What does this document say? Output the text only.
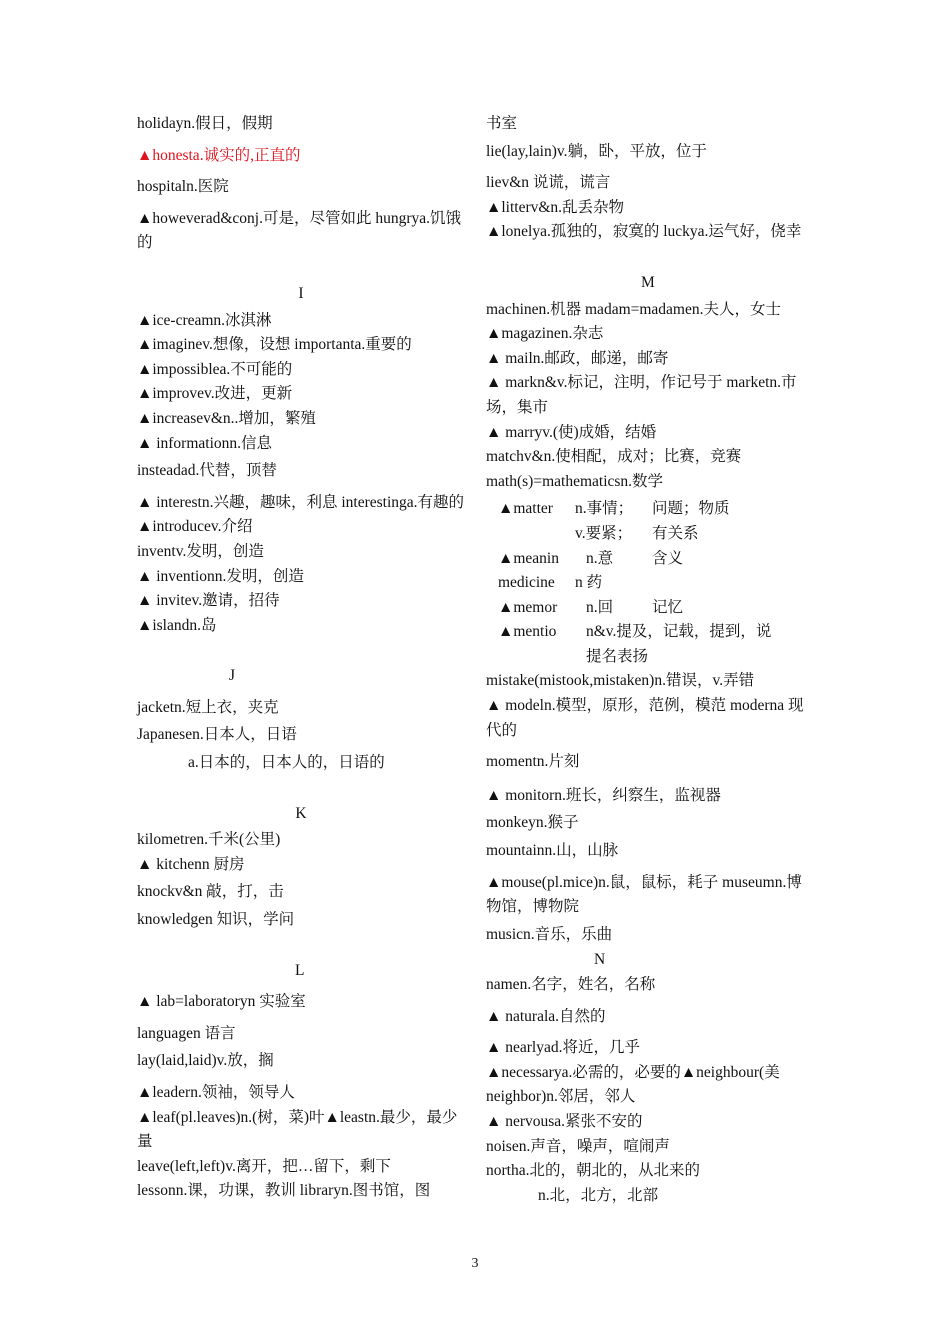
holidayn.假日，假期
▲honesta.诚实的,正直的
hospitaln.医院
▲howeverad&conj.可是，尽管如此 hungrya.饥饿的
I
▲ice-creamn.冰淇淋
▲imaginev.想像，设想 importanta.重要的
▲impossiblea.不可能的
▲improvev.改进，更新
▲increasev&n..增加，繁殖
▲ informationn.信息
insteadad.代替，顶替
▲ interestn.兴趣，趣味，利息 interestinga.有趣的
▲introducev.介绍
inventv.发明，创造
▲ inventionn.发明，创造
▲ invitev.邀请，招待
▲islandn.岛
J
jacketn.短上衣，夹克
Japanesen.日本人，日语
a.日本的，日本人的，日语的
K
kilometren.千米(公里)
▲ kitchenn 厨房
knockv&n 敲，打，击
knowledgen 知识，学问
L
▲ lab=laboratoryn 实验室
languagen 语言
lay(laid,laid)v.放，搁
▲leadern.领袖，领导人
▲leaf(pl.leaves)n.(树，菜)叶▲leastn.最少，最少量
leave(left,left)v.离开，把…留下，剩下
lessonn.课，功课，教训 libraryn.图书馆，图
书室
lie(lay,lain)v.躺，卧，平放，位于
liev&n 说谎，谎言
▲litterv&n.乱丢杂物
▲lonelya.孤独的，寂寞的 luckya.运气好，侥幸
M
machinen.机器 madam=madamen.夫人，女士
▲magazinen.杂志
▲ mailn.邮政，邮递，邮寄
▲ markn&v.标记，注明，作记号于 marketn.市场，集市
▲ marryv.(使)成婚，结婚
matchv&n.使相配，成对；比赛，竞赛
math(s)=mathematicsn.数学
▲matter n.事情； 问题；物质
v.要紧； 有关系
▲meanin n.意	含义
medicine n 药
▲memor n.回	记忆
▲mentio n&v.提及，记载，提到，说
提名表扬
mistake(mistook,mistaken)n.错误，v.弄错
▲ modeln.模型，原形，范例，模范 moderna 现代的
momentn.片刻
▲ monitorn.班长，纠察生，监视器
monkeyn.猴子
mountainn.山，山脉
▲mouse(pl.mice)n.鼠，鼠标，耗子 museumn.博物馆，博物院
musicn.音乐，乐曲
N
namen.名字，姓名，名称
▲ naturala.自然的
▲ nearlyad.将近，几乎
▲necessarya.必需的，必要的▲neighbour(美 neighbor)n.邻居，邻人
▲ nervousa.紧张不安的
noisen.声音，噪声，喧闹声
northa.北的，朝北的，从北来的
n.北，北方，北部
3
